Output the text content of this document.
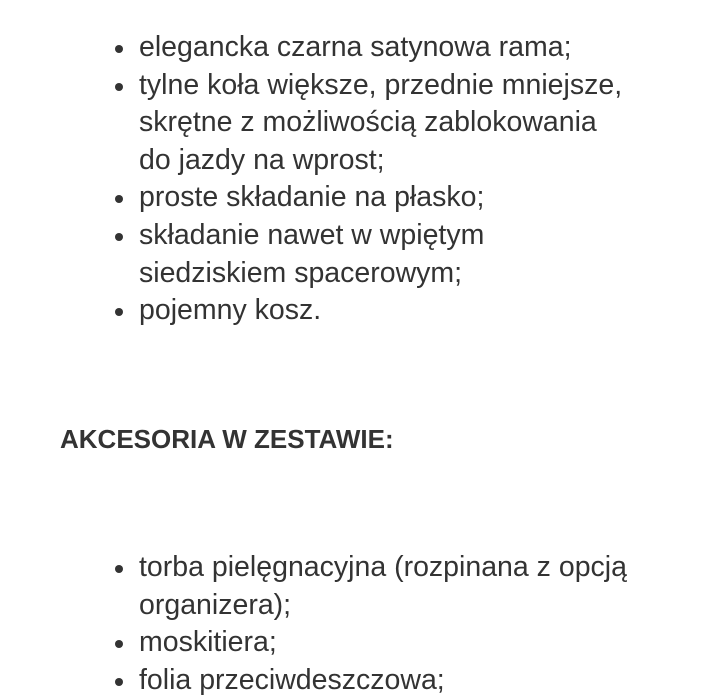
elegancka czarna satynowa rama;
tylne koła większe, przednie mniejsze, skrętne z możliwością zablokowania do jazdy na wprost;
proste składanie na płasko;
składanie nawet w wpiętym siedziskiem spacerowym;
pojemny kosz.
AKCESORIA W ZESTAWIE:
torba pielęgnacyjna (rozpinana z opcją organizera);
moskitiera;
folia przeciwdeszczowa;
